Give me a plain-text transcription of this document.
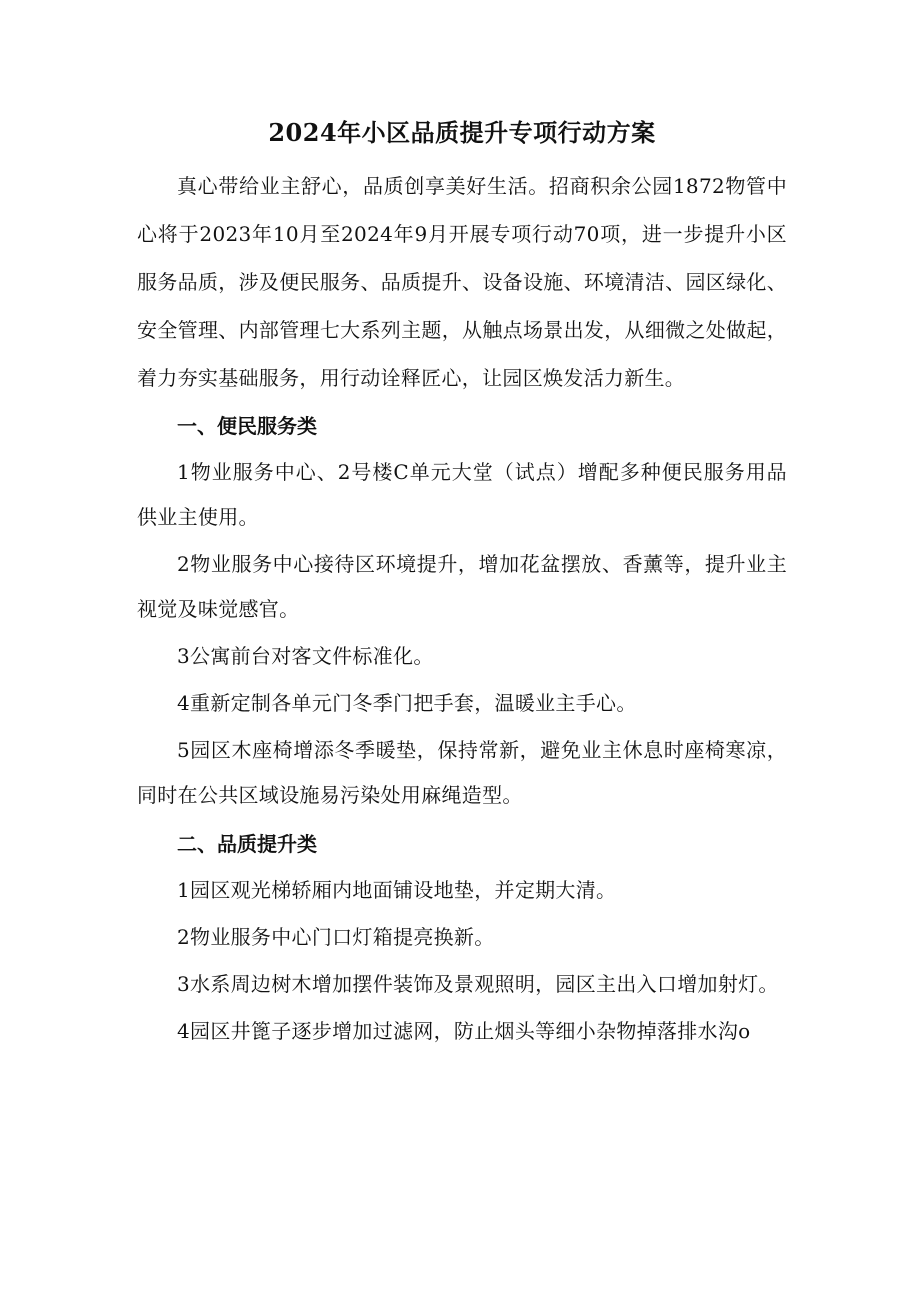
2024年小区品质提升专项行动方案

真心带给业主舒心，品质创享美好生活。招商积余公园1872物管中心将于2023年10月至2024年9月开展专项行动70项，进一步提升小区服务品质，涉及便民服务、品质提升、设备设施、环境清洁、园区绿化、安全管理、内部管理七大系列主题，从触点场景出发，从细微之处做起，着力夯实基础服务，用行动诠释匠心，让园区焕发活力新生。

一、便民服务类

1物业服务中心、2号楼C单元大堂（试点）增配多种便民服务用品供业主使用。

2物业服务中心接待区环境提升，增加花盆摆放、香薰等，提升业主视觉及味觉感官。

3公寓前台对客文件标准化。

4重新定制各单元门冬季门把手套，温暖业主手心。

5园区木座椅增添冬季暖垫，保持常新，避免业主休息时座椅寒凉，同时在公共区域设施易污染处用麻绳造型。

二、品质提升类

1园区观光梯轿厢内地面铺设地垫，并定期大清。

2物业服务中心门口灯箱提亮换新。

3水系周边树木增加摆件装饰及景观照明，园区主出入口增加射灯。

4园区井篦子逐步增加过滤网，防止烟头等细小杂物掉落排水沟o
